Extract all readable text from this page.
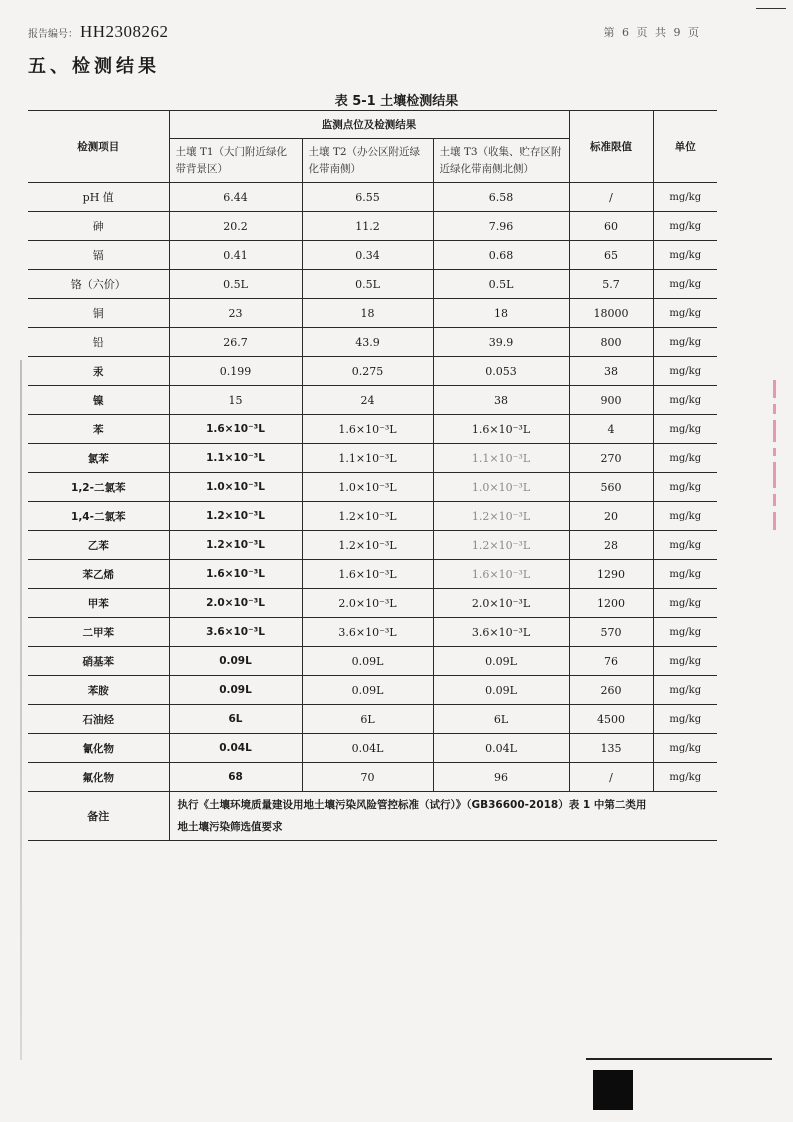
报告编号： HH2308262	第 6 页 共 9 页
五、检测结果
表 5-1 土壤检测结果
检测项目	监测点位及检测结果			标准限值	单位
	土壤 T1（大门附近绿化带背景区）	土壤 T2（办公区附近绿化带南侧）	土壤 T3（收集、贮存区附近绿化带南侧北侧）		
pH 值	6.44	6.55	6.58	/	mg/kg
砷	20.2	11.2	7.96	60	mg/kg
镉	0.41	0.34	0.68	65	mg/kg
铬（六价）	0.5L	0.5L	0.5L	5.7	mg/kg
铜	23	18	18	18000	mg/kg
铅	26.7	43.9	39.9	800	mg/kg
汞	0.199	0.275	0.053	38	mg/kg
镍	15	24	38	900	mg/kg
苯	1.6×10⁻³L	1.6×10⁻³L	1.6×10⁻³L	4	mg/kg
氯苯	1.1×10⁻³L	1.1×10⁻³L	1.1×10⁻³L	270	mg/kg
1,2-二氯苯	1.0×10⁻³L	1.0×10⁻³L	1.0×10⁻³L	560	mg/kg
1,4-二氯苯	1.2×10⁻³L	1.2×10⁻³L	1.2×10⁻³L	20	mg/kg
乙苯	1.2×10⁻³L	1.2×10⁻³L	1.2×10⁻³L	28	mg/kg
苯乙烯	1.6×10⁻³L	1.6×10⁻³L	1.6×10⁻³L	1290	mg/kg
甲苯	2.0×10⁻³L	2.0×10⁻³L	2.0×10⁻³L	1200	mg/kg
二甲苯	3.6×10⁻³L	3.6×10⁻³L	3.6×10⁻³L	570	mg/kg
硝基苯	0.09L	0.09L	0.09L	76	mg/kg
苯胺	0.09L	0.09L	0.09L	260	mg/kg
石油烃	6L	6L	6L	4500	mg/kg
氰化物	0.04L	0.04L	0.04L	135	mg/kg
氟化物	68	70	96	/	mg/kg
备注	执行《土壤环境质量建设用地土壤污染风险管控标准（试行）》（GB36600-2018）表 1 中第二类用
地土壤污染筛选值要求				
